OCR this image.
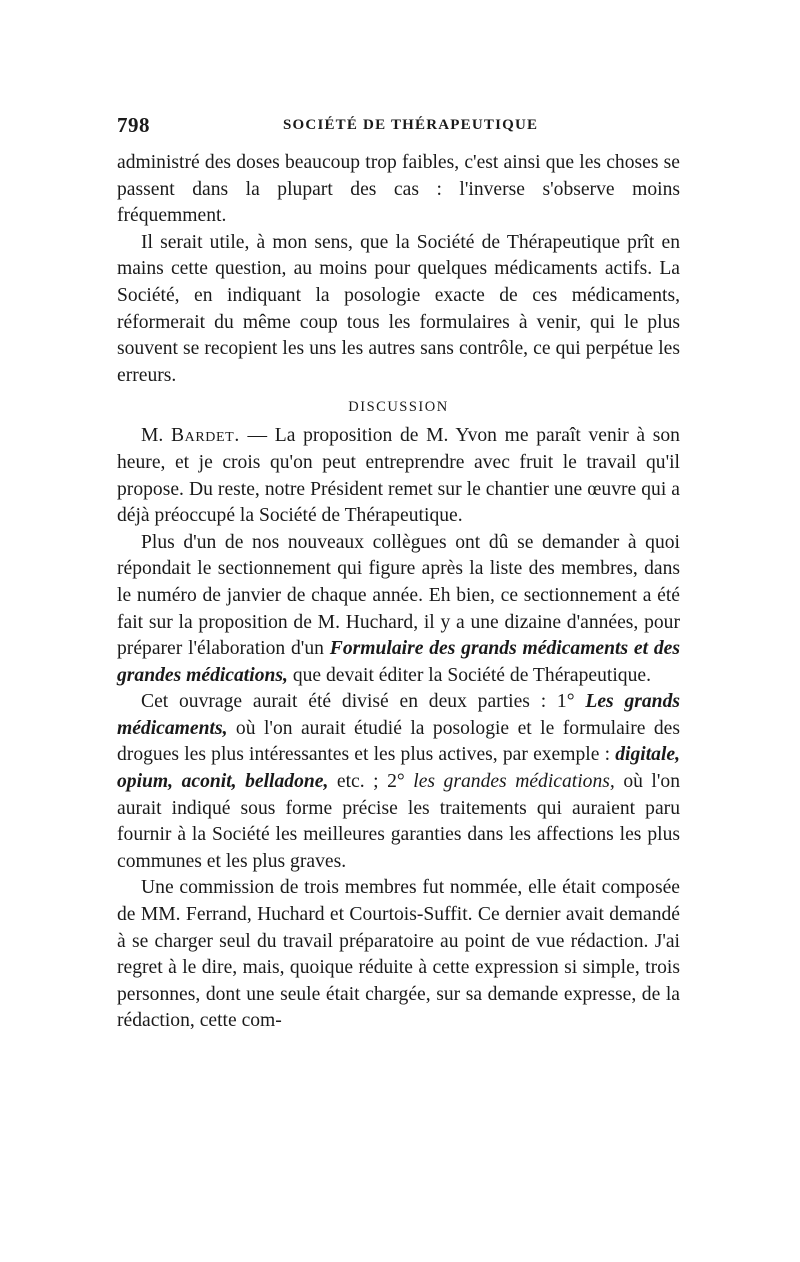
798	SOCIÉTÉ DE THÉRAPEUTIQUE

administré des doses beaucoup trop faibles, c'est ainsi que les choses se passent dans la plupart des cas : l'inverse s'observe moins fréquemment.

Il serait utile, à mon sens, que la Société de Thérapeutique prît en mains cette question, au moins pour quelques médicaments actifs. La Société, en indiquant la posologie exacte de ces médicaments, réformerait du même coup tous les formulaires à venir, qui le plus souvent se recopient les uns les autres sans contrôle, ce qui perpétue les erreurs.

DISCUSSION

M. Bardet. — La proposition de M. Yvon me paraît venir à son heure, et je crois qu'on peut entreprendre avec fruit le travail qu'il propose. Du reste, notre Président remet sur le chantier une œuvre qui a déjà préoccupé la Société de Thérapeutique.

Plus d'un de nos nouveaux collègues ont dû se demander à quoi répondait le sectionnement qui figure après la liste des membres, dans le numéro de janvier de chaque année. Eh bien, ce sectionnement a été fait sur la proposition de M. Huchard, il y a une dizaine d'années, pour préparer l'élaboration d'un Formulaire des grands médicaments et des grandes médications, que devait éditer la Société de Thérapeutique.

Cet ouvrage aurait été divisé en deux parties : 1° Les grands médicaments, où l'on aurait étudié la posologie et le formulaire des drogues les plus intéressantes et les plus actives, par exemple : digitale, opium, aconit, belladone, etc. ; 2° les grandes médications, où l'on aurait indiqué sous forme précise les traitements qui auraient paru fournir à la Société les meilleures garanties dans les affections les plus communes et les plus graves.

Une commission de trois membres fut nommée, elle était composée de MM. Ferrand, Huchard et Courtois-Suffit. Ce dernier avait demandé à se charger seul du travail préparatoire au point de vue rédaction. J'ai regret à le dire, mais, quoique réduite à cette expression si simple, trois personnes, dont une seule était chargée, sur sa demande expresse, de la rédaction, cette com-
